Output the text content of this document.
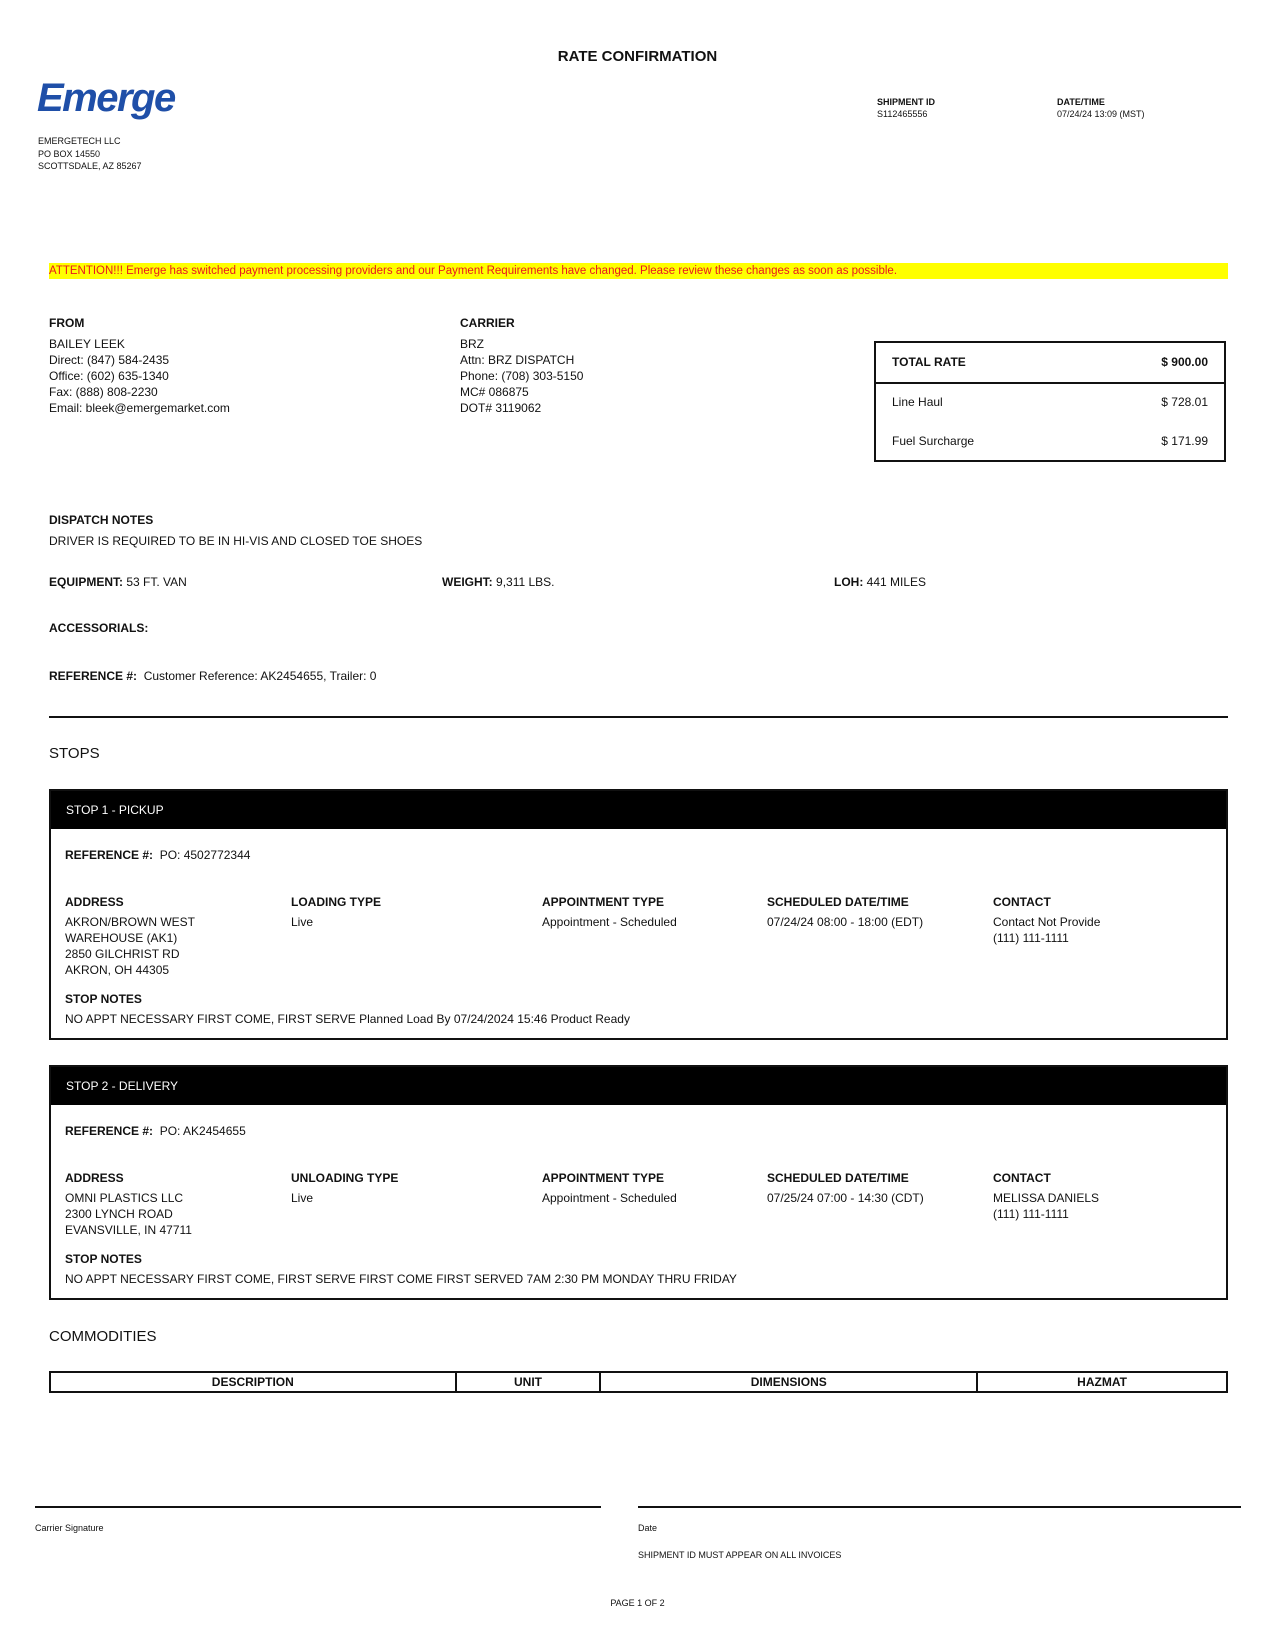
RATE CONFIRMATION
Emerge
EMERGETECH LLC
PO BOX 14550
SCOTTSDALE, AZ 85267
SHIPMENT ID
S112465556
DATE/TIME
07/24/24 13:09 (MST)
ATTENTION!!! Emerge has switched payment processing providers and our Payment Requirements have changed. Please review these changes as soon as possible.
FROM
BAILEY LEEK
Direct: (847) 584-2435
Office: (602) 635-1340
Fax: (888) 808-2230
Email: bleek@emergemarket.com
CARRIER
BRZ
Attn: BRZ DISPATCH
Phone: (708) 303-5150
MC# 086875
DOT# 3119062
TOTAL RATE	$ 900.00
Line Haul	$ 728.01
Fuel Surcharge	$ 171.99
DISPATCH NOTES
DRIVER IS REQUIRED TO BE IN HI-VIS AND CLOSED TOE SHOES
EQUIPMENT: 53 FT. VAN	WEIGHT: 9,311 LBS.	LOH: 441 MILES
ACCESSORIALS:
REFERENCE #: Customer Reference: AK2454655, Trailer: 0
STOPS
STOP 1 - PICKUP
REFERENCE #: PO: 4502772344
ADDRESS
AKRON/BROWN WEST
WAREHOUSE (AK1)
2850 GILCHRIST RD
AKRON, OH 44305
LOADING TYPE
Live
APPOINTMENT TYPE
Appointment - Scheduled
SCHEDULED DATE/TIME
07/24/24 08:00 - 18:00 (EDT)
CONTACT
Contact Not Provide
(111) 111-1111
STOP NOTES
NO APPT NECESSARY FIRST COME, FIRST SERVE Planned Load By 07/24/2024 15:46 Product Ready
STOP 2 - DELIVERY
REFERENCE #: PO: AK2454655
ADDRESS
OMNI PLASTICS LLC
2300 LYNCH ROAD
EVANSVILLE, IN 47711
UNLOADING TYPE
Live
APPOINTMENT TYPE
Appointment - Scheduled
SCHEDULED DATE/TIME
07/25/24 07:00 - 14:30 (CDT)
CONTACT
MELISSA DANIELS
(111) 111-1111
STOP NOTES
NO APPT NECESSARY FIRST COME, FIRST SERVE FIRST COME FIRST SERVED 7AM 2:30 PM MONDAY THRU FRIDAY
COMMODITIES
DESCRIPTION	UNIT	DIMENSIONS	HAZMAT
Carrier Signature	Date
SHIPMENT ID MUST APPEAR ON ALL INVOICES
PAGE 1 OF 2
